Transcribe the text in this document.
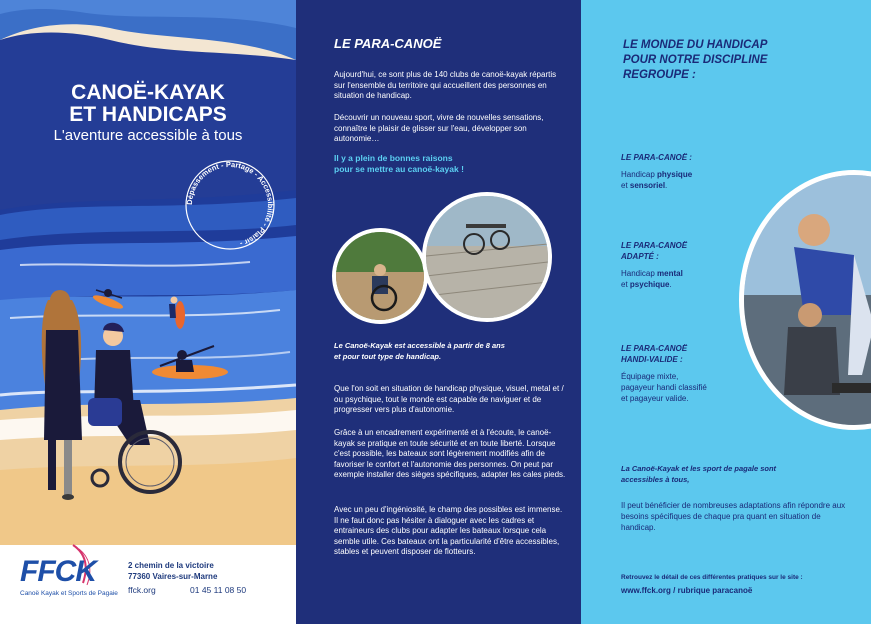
CANOË-KAYAK
ET HANDICAPS
L'aventure accessible à tous
Dépassement - Partage - Accessibilité - Plaisir -
FFCK
Canoë Kayak et Sports de Pagaie
2 chemin de la victoire
77360 Vaires-sur-Marne
ffck.org	01 45 11 08 50
LE PARA-CANOË

Aujourd'hui, ce sont plus de 140 clubs de canoë-kayak répartis sur l'ensemble du territoire qui accueillent des personnes en situation de handicap.

Découvrir un nouveau sport, vivre de nouvelles sensations, connaître le plaisir de glisser sur l'eau, développer son autonomie…

Il y a plein de bonnes raisons
pour se mettre au canoë-kayak !
Le Canoë-Kayak est accessible à partir de 8 ans
et pour tout type de handicap.

Que l'on soit en situation de handicap physique, visuel, metal et / ou psychique, tout le monde est capable de naviguer et de progresser vers plus d'autonomie.

Grâce à un encadrement expérimenté et à l'écoute, le canoë-kayak se pratique en toute sécurité et en toute liberté. Lorsque c'est possible, les bateaux sont légèrement modifiés afin de favoriser le confort et l'autonomie des personnes. On peut par exemple installer des sièges spécifiques, adapter les cales pieds.

Avec un peu d'ingéniosité, le champ des possibles est immense. Il ne faut donc pas hésiter à dialoguer avec les cadres et entraineurs des clubs pour adapter les bateaux lorsque cela semble utile. Ces bateaux ont la particularité d'être accessibles, stables et peuvent disposer de flotteurs.

LE MONDE DU HANDICAP
POUR NOTRE DISCIPLINE
REGROUPE :
LE PARA-CANOË :
Handicap physique
et sensoriel.
LE PARA-CANOË
ADAPTÉ :
Handicap mental
et psychique.
LE PARA-CANOË
HANDI-VALIDE :
Équipage mixte,
pagayeur handi classifié
et pagayeur valide.
La Canoë-Kayak et les sport de pagale sont
accessibles à tous,
Il peut bénéficier de nombreuses adaptations afin répondre aux besoins spécifiques de chaque pra quant en situation de handicap.
Retrouvez le détail de ces différentes pratiques sur le site :
www.ffck.org / rubrique paracanoë
